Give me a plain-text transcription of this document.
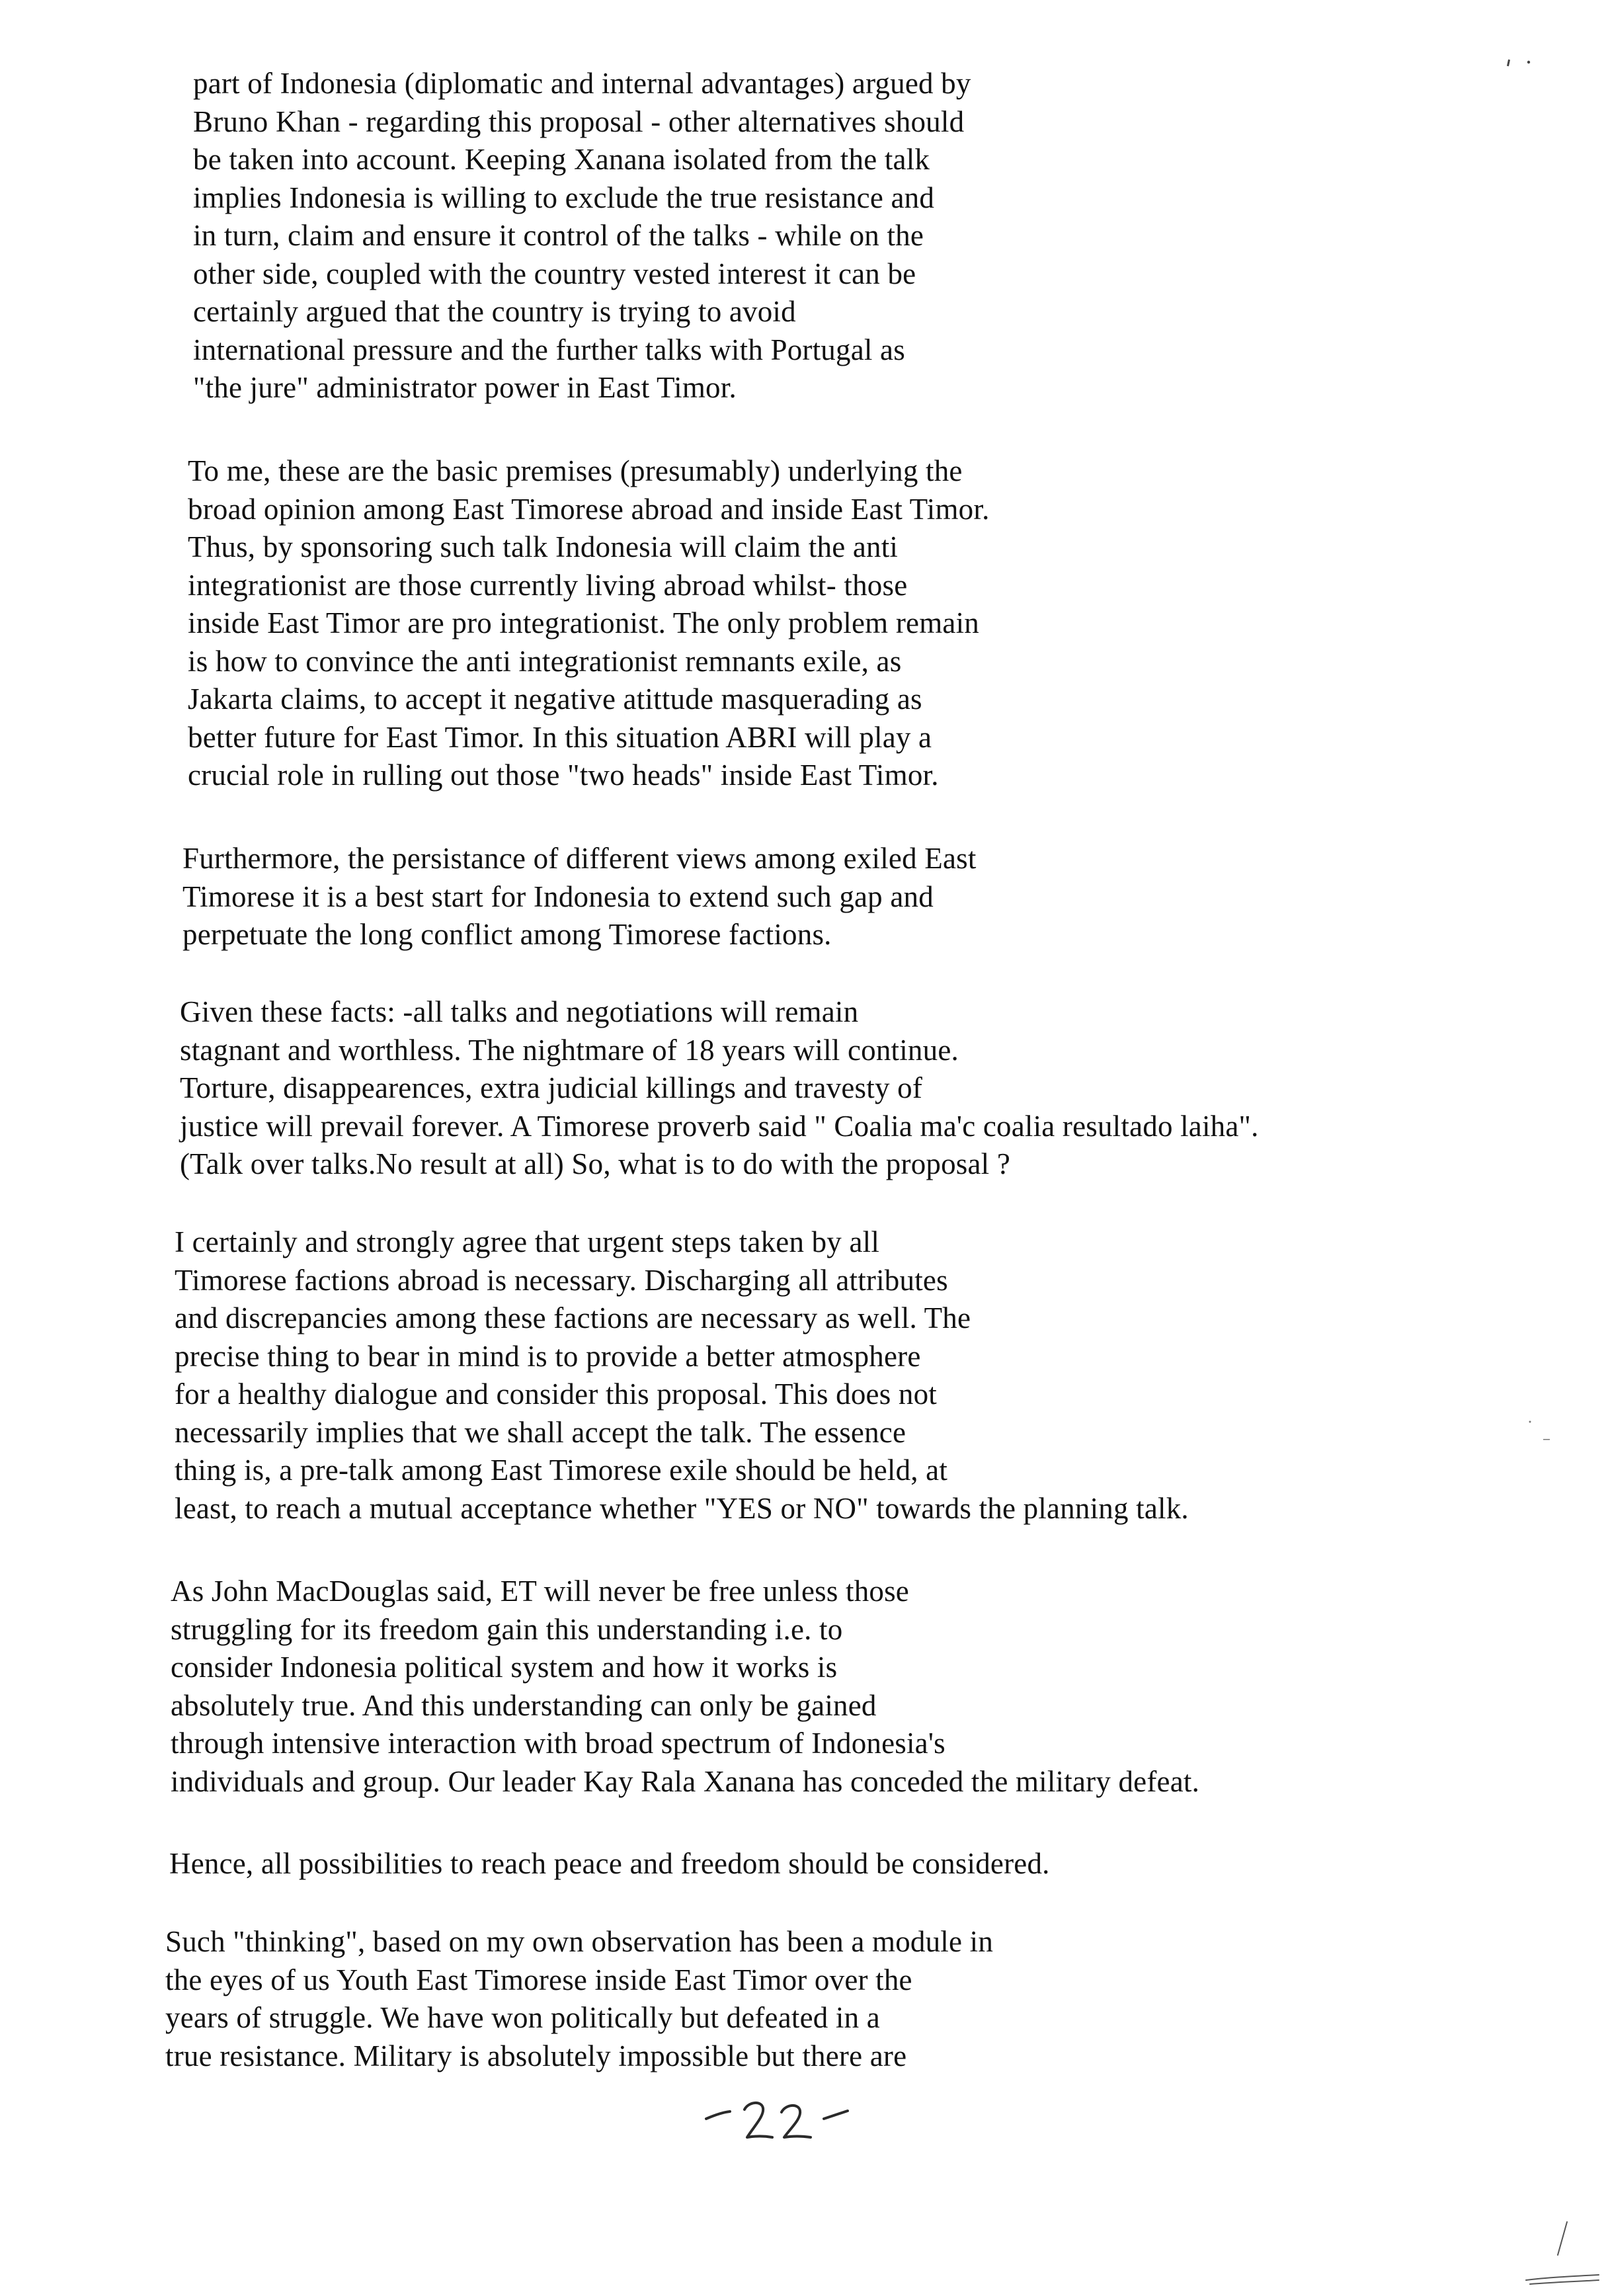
part of Indonesia (diplomatic and internal advantages) argued by
Bruno Khan - regarding this proposal - other alternatives should
be taken into account. Keeping Xanana isolated from the talk
implies Indonesia is willing to exclude the true resistance and
in turn, claim and ensure it control of the talks - while on the
other side, coupled with the country vested interest it can be
certainly argued that the country is trying to avoid
international pressure and the further talks with Portugal as
"the jure" administrator power in East Timor.
To me, these are the basic premises (presumably) underlying the
broad opinion among East Timorese abroad and inside East Timor.
Thus, by sponsoring such talk Indonesia will claim the anti
integrationist are those currently living abroad whilst- those
inside East Timor are pro integrationist. The only problem remain
is how to convince the anti integrationist remnants exile, as
Jakarta claims, to accept it negative atittude masquerading as
better future for East Timor. In this situation ABRI will play a
crucial role in rulling out those "two heads" inside East Timor.
Furthermore, the persistance of different views among exiled East
Timorese it is a best start for Indonesia to extend such gap and
perpetuate the long conflict among Timorese factions.
Given these facts: -all talks and negotiations will remain
stagnant and worthless. The nightmare of 18 years will continue.
Torture, disappearences, extra judicial killings and travesty of
justice will prevail forever. A Timorese proverb said " Coalia ma'c coalia resultado laiha".
(Talk over talks.No result at all) So, what is to do with the proposal ?
I certainly and strongly agree that urgent steps taken by all
Timorese factions abroad is necessary. Discharging all attributes
and discrepancies among these factions are necessary as well. The
precise thing to bear in mind is to provide a better atmosphere
for a healthy dialogue and consider this proposal. This does not
necessarily implies that we shall accept the talk. The essence
thing is, a pre-talk among East Timorese exile should be held, at
least, to reach a mutual acceptance whether "YES or NO" towards the planning talk.
As John MacDouglas said, ET will never be free unless those
struggling for its freedom gain this understanding i.e. to
consider Indonesia political system and how it works is
absolutely true. And this understanding can only be gained
through intensive interaction with broad spectrum of Indonesia's
individuals and group. Our leader Kay Rala Xanana has conceded the military defeat.
Hence, all possibilities to reach peace and freedom should be considered.
Such "thinking", based on my own observation has been a module in
the eyes of us Youth East Timorese inside East Timor over the
years of struggle. We have won politically but defeated in a
true resistance. Military is absolutely impossible but there are
